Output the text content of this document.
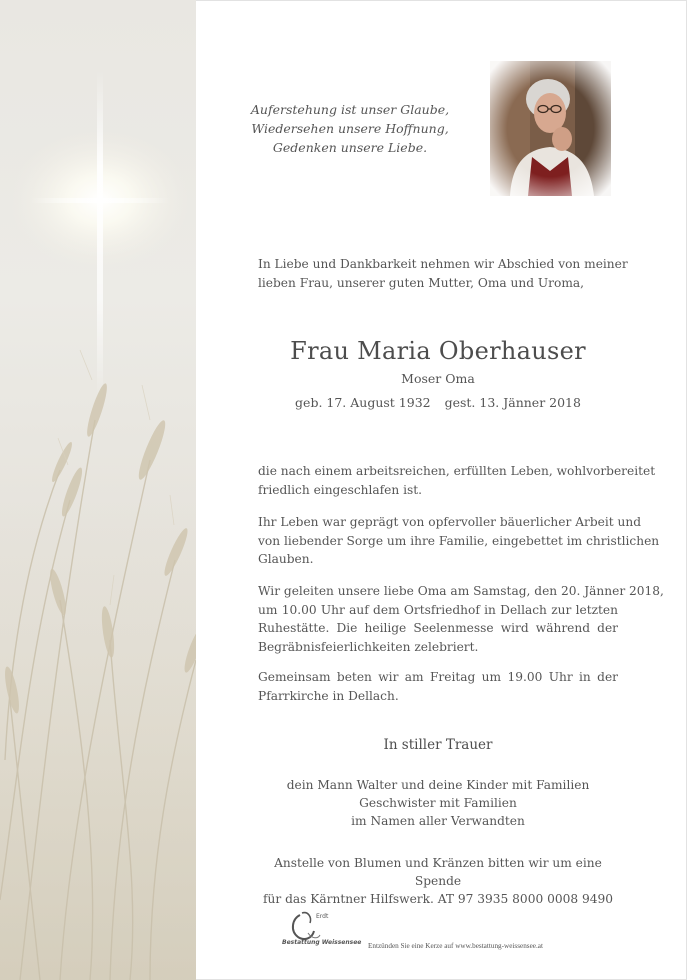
Auferstehung ist unser Glaube,
Wiedersehen unsere Hoffnung,
Gedenken unsere Liebe.
In Liebe und Dankbarkeit nehmen wir Abschied von meiner
lieben Frau, unserer guten Mutter, Oma und Uroma,
Frau Maria Oberhauser
Moser Oma
geb. 17. August 1932 gest. 13. Jänner 2018
die nach einem arbeitsreichen, erfüllten Leben, wohlvorbereitet
friedlich eingeschlafen ist.
Ihr Leben war geprägt von opfervoller bäuerlicher Arbeit und
von liebender Sorge um ihre Familie, eingebettet im christlichen
Glauben.
Wir geleiten unsere liebe Oma am Samstag, den 20. Jänner 2018,
um 10.00 Uhr auf dem Ortsfriedhof in Dellach zur letzten
Ruhestätte. Die heilige Seelenmesse wird während der
Begräbnisfeierlichkeiten zelebriert.
Gemeinsam beten wir am Freitag um 19.00 Uhr in der
Pfarrkirche in Dellach.
In stiller Trauer
dein Mann Walter und deine Kinder mit Familien
Geschwister mit Familien
im Namen aller Verwandten
Anstelle von Blumen und Kränzen bitten wir um eine Spende
für das Kärntner Hilfswerk. AT 97 3935 8000 0008 9490
Erdt
Bestattung Weissensee Entzünden Sie eine Kerze auf www.bestattung-weissensee.at
